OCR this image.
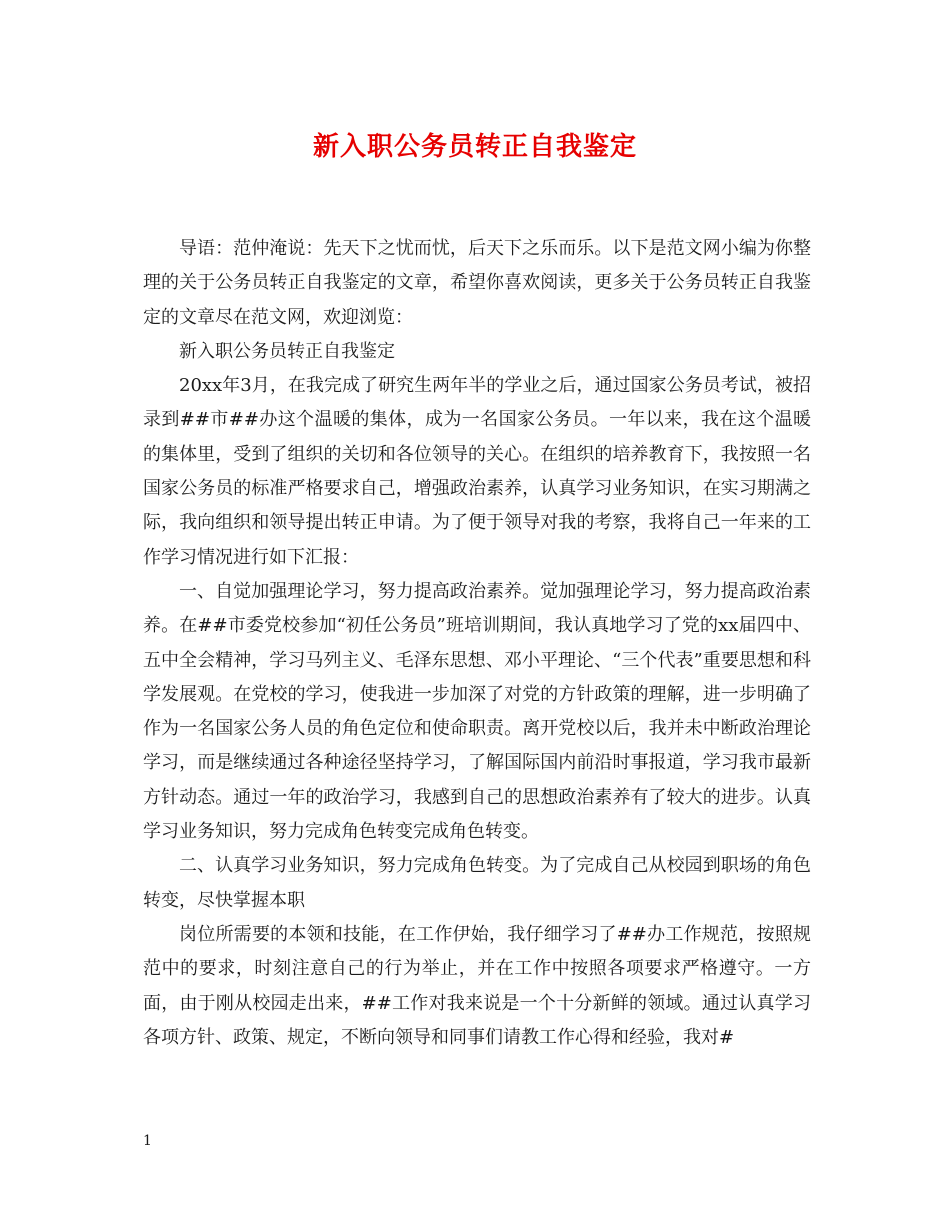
新入职公务员转正自我鉴定

导语：范仲淹说：先天下之忧而忧，后天下之乐而乐。以下是范文网小编为你整理的关于公务员转正自我鉴定的文章，希望你喜欢阅读，更多关于公务员转正自我鉴定的文章尽在范文网，欢迎浏览：

新入职公务员转正自我鉴定

20xx年3月，在我完成了研究生两年半的学业之后，通过国家公务员考试，被招录到##市##办这个温暖的集体，成为一名国家公务员。一年以来，我在这个温暖的集体里，受到了组织的关切和各位领导的关心。在组织的培养教育下，我按照一名国家公务员的标准严格要求自己，增强政治素养，认真学习业务知识，在实习期满之际，我向组织和领导提出转正申请。为了便于领导对我的考察，我将自己一年来的工作学习情况进行如下汇报：

一、自觉加强理论学习，努力提高政治素养。觉加强理论学习，努力提高政治素养。在##市委党校参加“初任公务员”班培训期间，我认真地学习了党的xx届四中、五中全会精神，学习马列主义、毛泽东思想、邓小平理论、“三个代表”重要思想和科学发展观。在党校的学习，使我进一步加深了对党的方针政策的理解，进一步明确了作为一名国家公务人员的角色定位和使命职责。离开党校以后，我并未中断政治理论学习，而是继续通过各种途径坚持学习，了解国际国内前沿时事报道，学习我市最新方针动态。通过一年的政治学习，我感到自己的思想政治素养有了较大的进步。认真学习业务知识，努力完成角色转变完成角色转变。

二、认真学习业务知识，努力完成角色转变。为了完成自己从校园到职场的角色转变，尽快掌握本职

岗位所需要的本领和技能，在工作伊始，我仔细学习了##办工作规范，按照规范中的要求，时刻注意自己的行为举止，并在工作中按照各项要求严格遵守。一方面，由于刚从校园走出来，##工作对我来说是一个十分新鲜的领域。通过认真学习各项方针、政策、规定，不断向领导和同事们请教工作心得和经验，我对#

1
